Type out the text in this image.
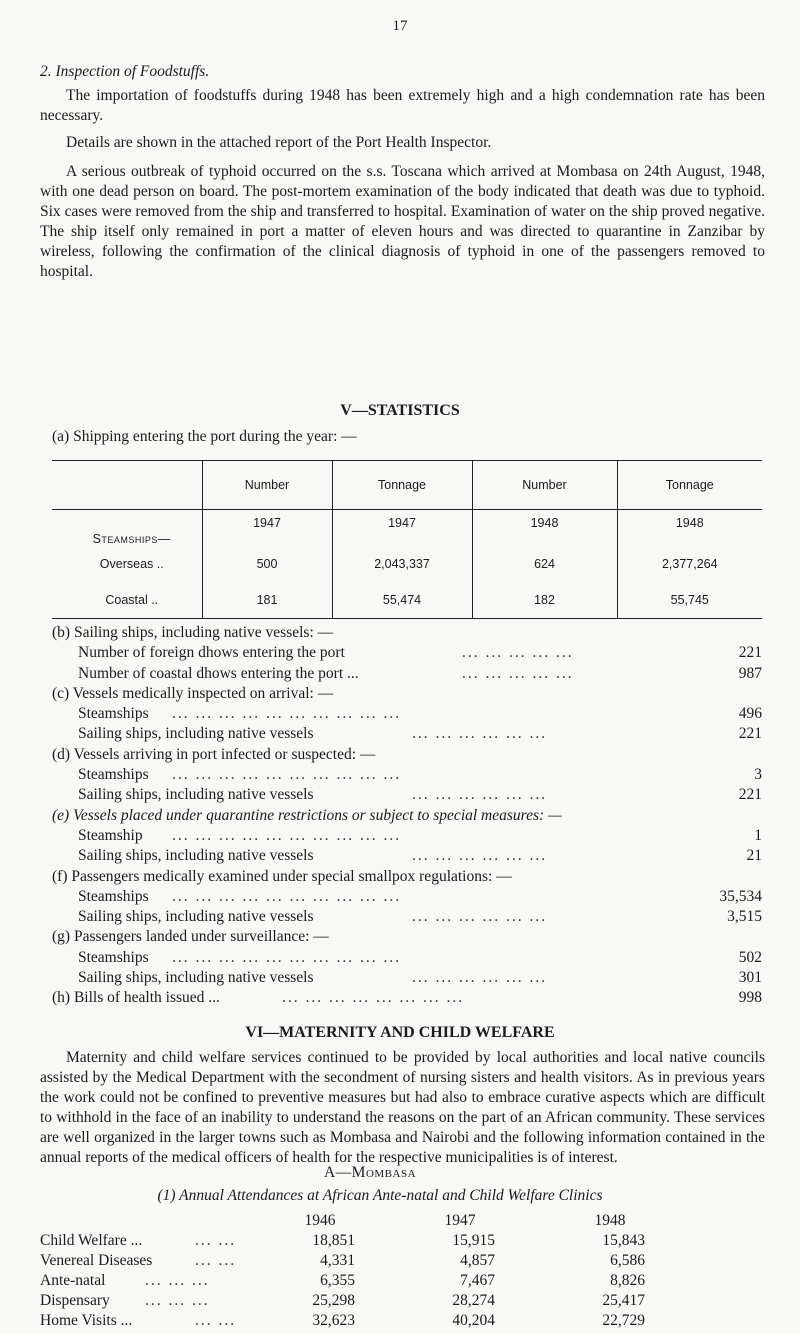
17
2. Inspection of Foodstuffs.
The importation of foodstuffs during 1948 has been extremely high and a high condemnation rate has been necessary.
Details are shown in the attached report of the Port Health Inspector.
A serious outbreak of typhoid occurred on the s.s. Toscana which arrived at Mombasa on 24th August, 1948, with one dead person on board. The post-mortem examination of the body indicated that death was due to typhoid. Six cases were removed from the ship and transferred to hospital. Examination of water on the ship proved negative. The ship itself only remained in port a matter of eleven hours and was directed to quarantine in Zanzibar by wireless, following the confirmation of the clinical diagnosis of typhoid in one of the passengers removed to hospital.
V—STATISTICS
(a) Shipping entering the port during the year: —
	Number	Tonnage	Number	Tonnage
Steamships—	1947	1947	1948	1948
Overseas ..	500	2,043,337	624	2,377,264
Coastal ..	181	55,474	182	55,745
(b) Sailing ships, including native vessels: —
Number of foreign dhows entering the port	... ... ... ... ...	221
Number of coastal dhows entering the port ...	... ... ... ... ...	987
(c) Vessels medically inspected on arrival: —
Steamships ... ... ... ... ... ... ... ... ... ...	496
Sailing ships, including native vessels	... ... ... ... ... ...	221
(d) Vessels arriving in port infected or suspected: —
Steamships ... ... ... ... ... ... ... ... ... ...	3
Sailing ships, including native vessels	... ... ... ... ... ...	221
(e) Vessels placed under quarantine restrictions or subject to special measures: —
Steamship ... ... ... ... ... ... ... ... ... ...	1
Sailing ships, including native vessels	... ... ... ... ... ...	21
(f) Passengers medically examined under special smallpox regulations: —
Steamships ... ... ... ... ... ... ... ... ... ...	35,534
Sailing ships, including native vessels	... ... ... ... ... ...	3,515
(g) Passengers landed under surveillance: —
Steamships ... ... ... ... ... ... ... ... ... ...	502
Sailing ships, including native vessels	... ... ... ... ... ...	301
(h) Bills of health issued ...	... ... ... ... ... ... ... ...	998
VI—MATERNITY AND CHILD WELFARE
Maternity and child welfare services continued to be provided by local authorities and local native councils assisted by the Medical Department with the secondment of nursing sisters and health visitors. As in previous years the work could not be confined to preventive measures but had also to embrace curative aspects which are difficult to withhold in the face of an inability to understand the reasons on the part of an African community. These services are well organized in the larger towns such as Mombasa and Nairobi and the following information contained in the annual reports of the medical officers of health for the respective municipalities is of interest.
A—Mombasa
(1) Annual Attendances at African Ante-natal and Child Welfare Clinics
1946	1947	1948
Child Welfare ...	... ...	18,851	15,915	15,843
Venereal Diseases	... ...	4,331	4,857	6,586
Ante-natal	... ... ...	6,355	7,467	8,826
Dispensary ... ... ...	25,298	28,274	25,417
Home Visits ...	... ...	32,623	40,204	22,729
